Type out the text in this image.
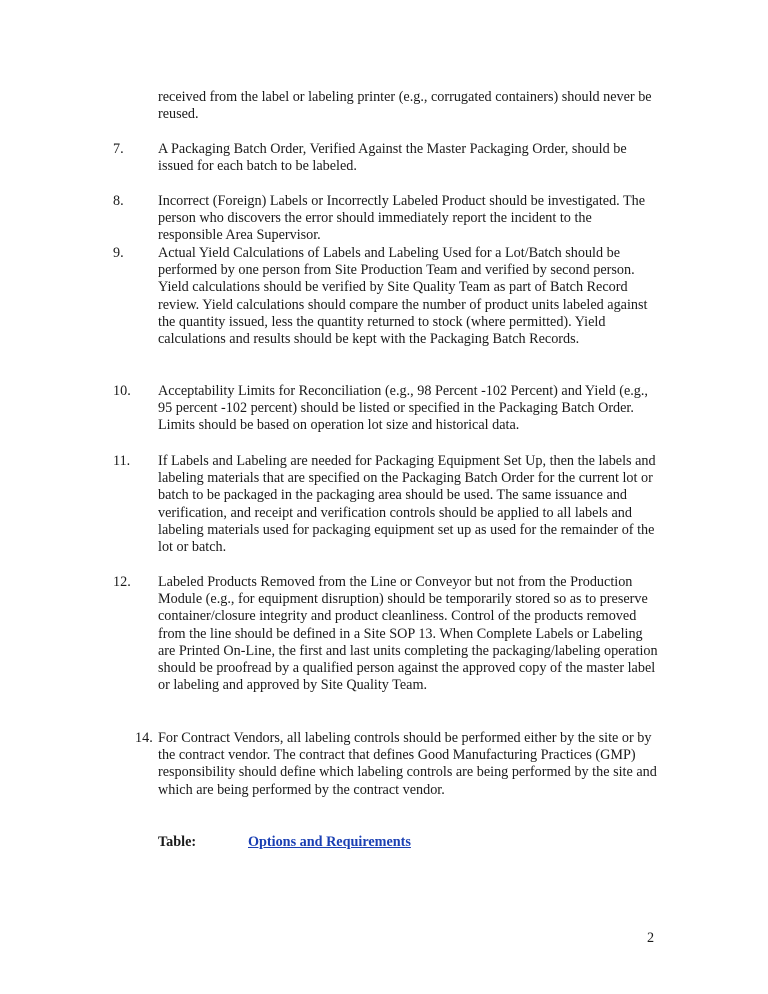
received from the label or labeling printer (e.g., corrugated containers) should never be reused.
7. A Packaging Batch Order, Verified Against the Master Packaging Order, should be issued for each batch to be labeled.
8. Incorrect (Foreign) Labels or Incorrectly Labeled Product should be investigated. The person who discovers the error should immediately report the incident to the responsible Area Supervisor.
9. Actual Yield Calculations of Labels and Labeling Used for a Lot/Batch should be performed by one person from Site Production Team and verified by second person. Yield calculations should be verified by Site Quality Team as part of Batch Record review. Yield calculations should compare the number of product units labeled against the quantity issued, less the quantity returned to stock (where permitted). Yield calculations and results should be kept with the Packaging Batch Records.
10. Acceptability Limits for Reconciliation (e.g., 98 Percent -102 Percent) and Yield (e.g., 95 percent -102 percent) should be listed or specified in the Packaging Batch Order. Limits should be based on operation lot size and historical data.
11. If Labels and Labeling are needed for Packaging Equipment Set Up, then the labels and labeling materials that are specified on the Packaging Batch Order for the current lot or batch to be packaged in the packaging area should be used. The same issuance and verification, and receipt and verification controls should be applied to all labels and labeling materials used for packaging equipment set up as used for the remainder of the lot or batch.
12. Labeled Products Removed from the Line or Conveyor but not from the Production Module (e.g., for equipment disruption) should be temporarily stored so as to preserve container/closure integrity and product cleanliness. Control of the products removed from the line should be defined in a Site SOP 13. When Complete Labels or Labeling are Printed On-Line, the first and last units completing the packaging/labeling operation should be proofread by a qualified person against the approved copy of the master label or labeling and approved by Site Quality Team.
14. For Contract Vendors, all labeling controls should be performed either by the site or by the contract vendor. The contract that defines Good Manufacturing Practices (GMP) responsibility should define which labeling controls are being performed by the site and which are being performed by the contract vendor.
Table:	Options and Requirements
2
